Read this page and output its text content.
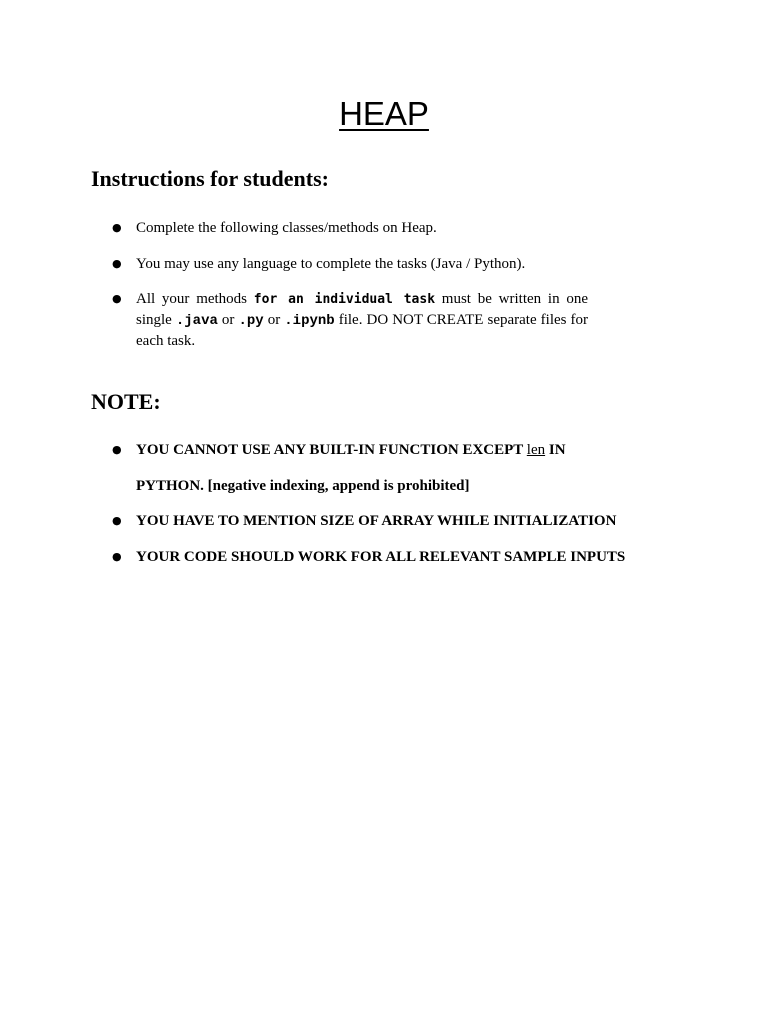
HEAP
Instructions for students:
● Complete the following classes/methods on Heap.
● You may use any language to complete the tasks (Java / Python).
● All your methods for an individual task must be written in one single .java or .py or .ipynb file. DO NOT CREATE separate files for each task.
NOTE:
● YOU CANNOT USE ANY BUILT-IN FUNCTION EXCEPT len IN
PYTHON. [negative indexing, append is prohibited]
● YOU HAVE TO MENTION SIZE OF ARRAY WHILE INITIALIZATION
● YOUR CODE SHOULD WORK FOR ALL RELEVANT SAMPLE INPUTS
